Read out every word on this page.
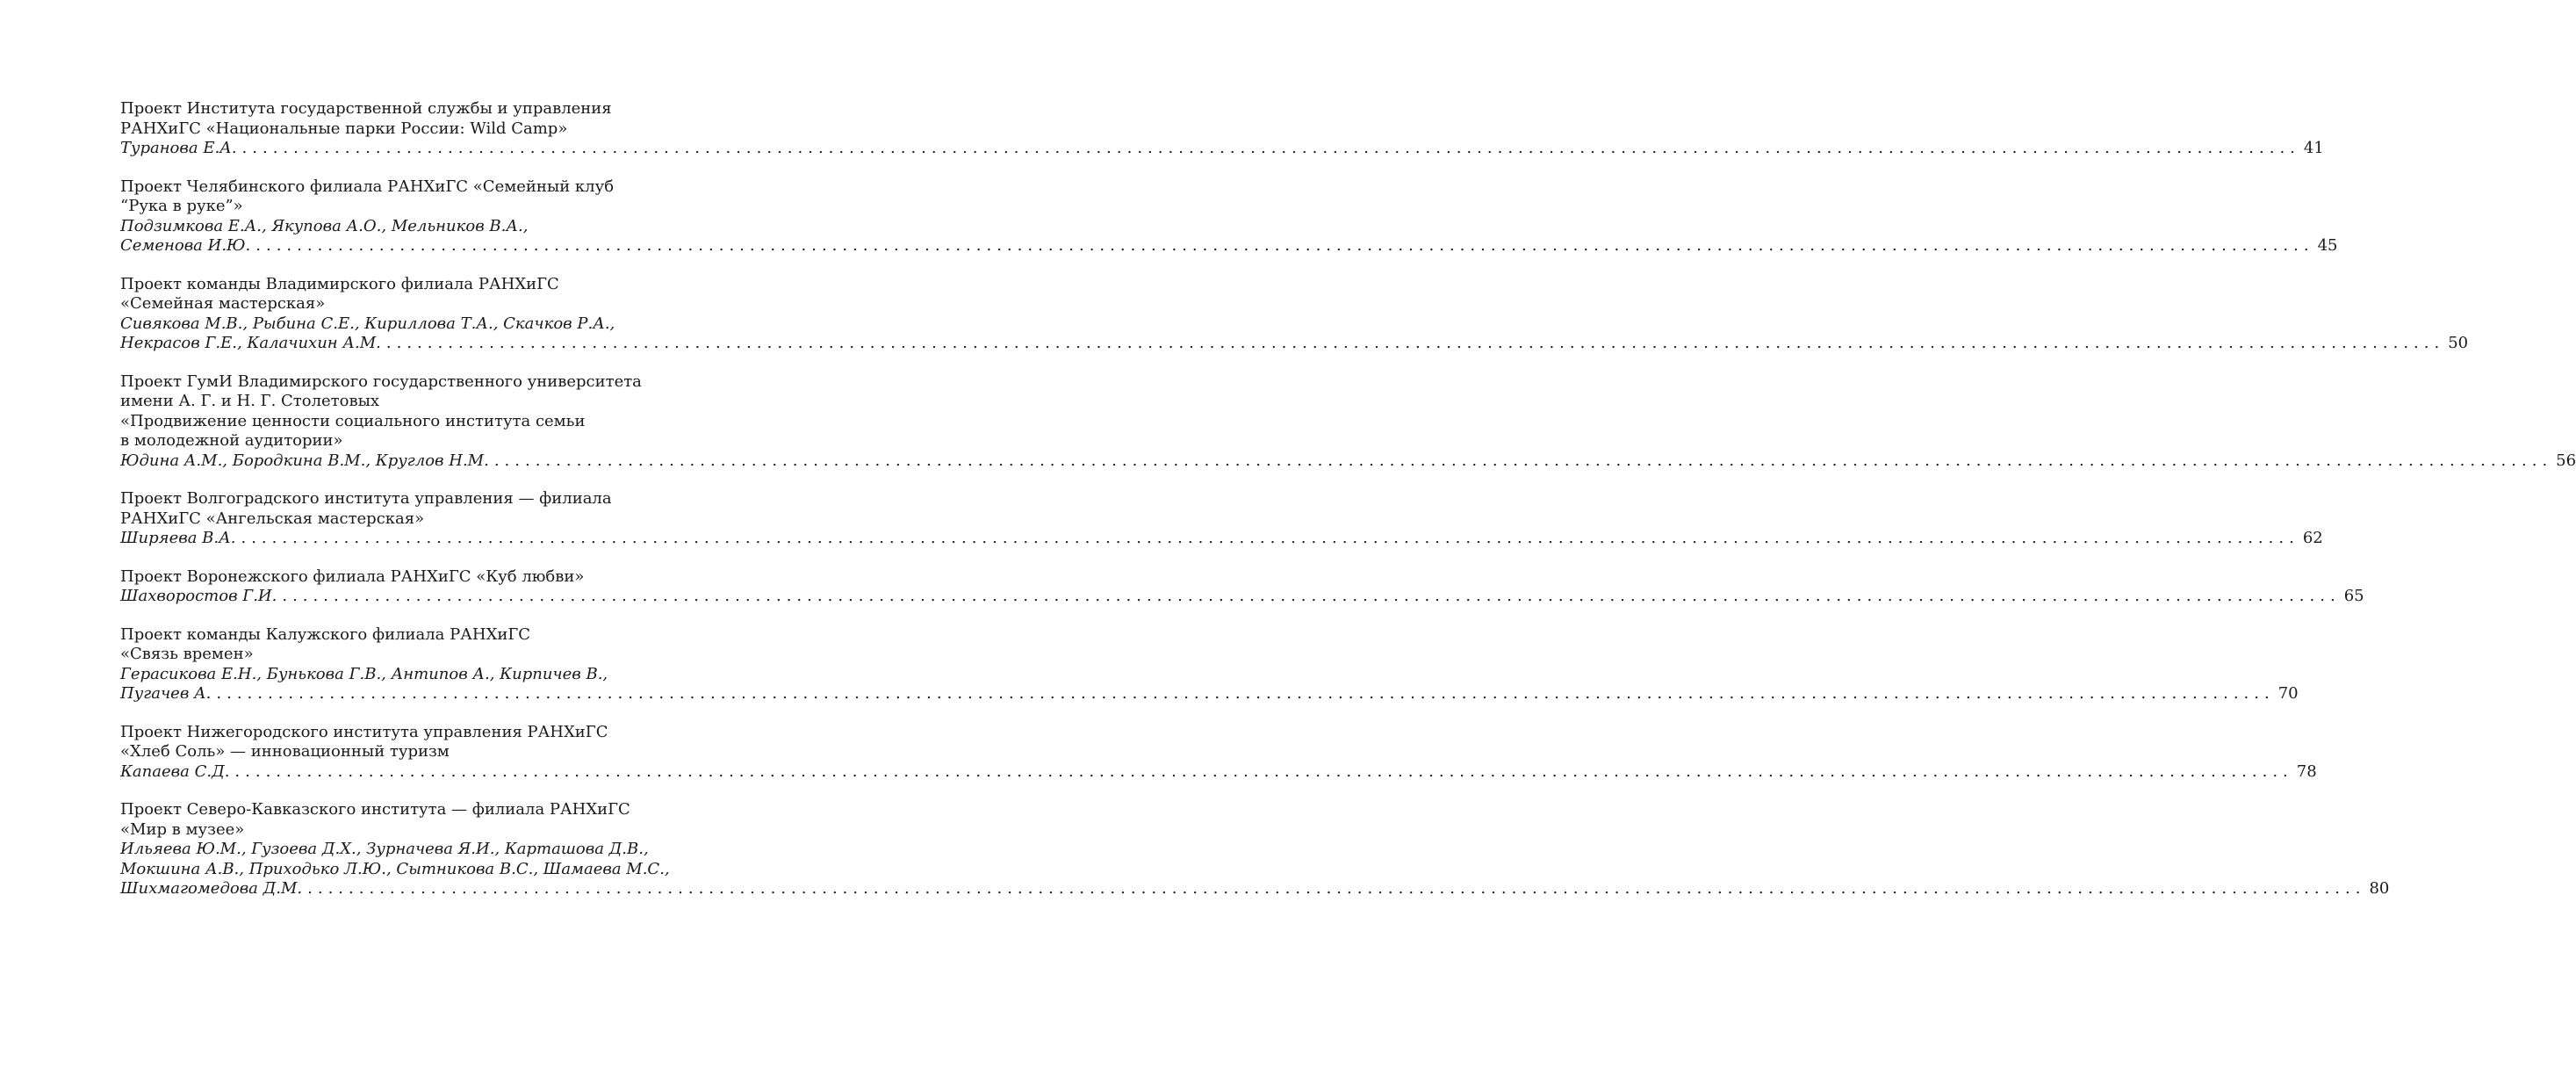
Проект Института государственной службы и управления
РАНХиГС «Национальные парки России: Wild Camp»
Туранова Е.А. ........................................................................................................................................................................................................ 41
Проект Челябинского филиала РАНХиГС «Семейный клуб
“Рука в руке”»
Подзимкова Е.А., Якупова А.О., Мельников В.А.,
Семенова И.Ю. ........................................................................................................................................................................................................ 45
Проект команды Владимирского филиала РАНХиГС
«Семейная мастерская»
Сивякова М.В., Рыбина С.Е., Кириллова Т.А., Скачков Р.А.,
Некрасов Г.Е., Калачихин А.М. ........................................................................................................................................................................................................ 50
Проект ГумИ Владимирского государственного университета
имени А. Г. и Н. Г. Столетовых
«Продвижение ценности социального института семьи
в молодежной аудитории»
Юдина А.М., Бородкина В.М., Круглов Н.М. ........................................................................................................................................................................................................ 56
Проект Волгоградского института управления — филиала
РАНХиГС «Ангельская мастерская»
Ширяева В.А. ........................................................................................................................................................................................................ 62
Проект Воронежского филиала РАНХиГС «Куб любви»
Шахворостов Г.И. ........................................................................................................................................................................................................ 65
Проект команды Калужского филиала РАНХиГС
«Связь времен»
Герасикова Е.Н., Бунькова Г.В., Антипов А., Кирпичев В.,
Пугачев А. ........................................................................................................................................................................................................ 70
Проект Нижегородского института управления РАНХиГС
«Хлеб Соль» — инновационный туризм
Капаева С.Д. ........................................................................................................................................................................................................ 78
Проект Северо-Кавказского института — филиала РАНХиГС
«Мир в музее»
Ильяева Ю.М., Гузоева Д.Х., Зурначева Я.И., Карташова Д.В.,
Мокшина А.В., Приходько Л.Ю., Сытникова В.С., Шамаева М.С.,
Шихмагомедова Д.М. ........................................................................................................................................................................................................ 80
